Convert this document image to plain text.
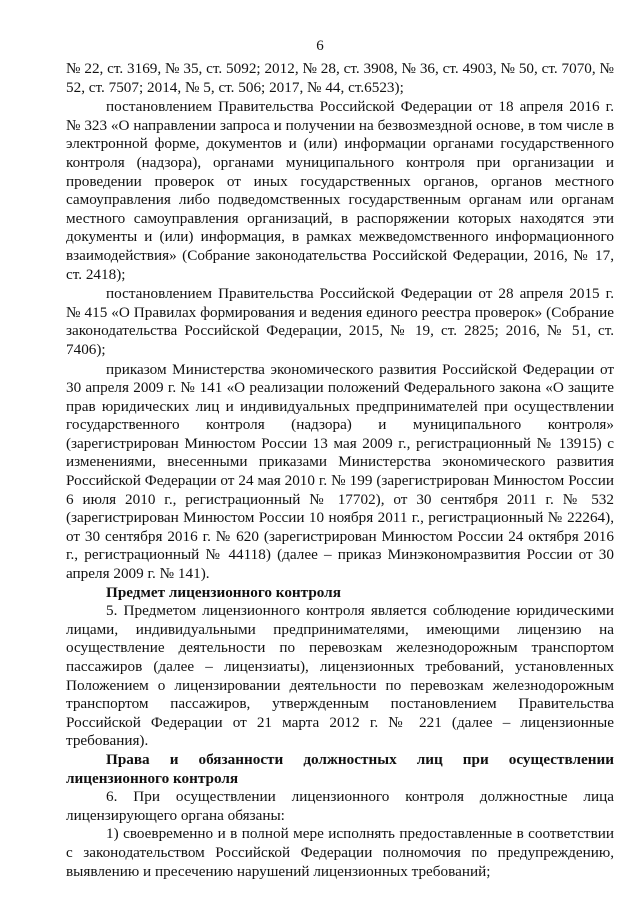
6

№ 22, ст. 3169, № 35, ст. 5092; 2012, № 28, ст. 3908, № 36, ст. 4903, № 50, ст. 7070, № 52, ст. 7507; 2014, № 5, ст. 506; 2017, № 44, ст.6523);

постановлением Правительства Российской Федерации от 18 апреля 2016 г. № 323 «О направлении запроса и получении на безвозмездной основе, в том числе в электронной форме, документов и (или) информации органами государственного контроля (надзора), органами муниципального контроля при организации и проведении проверок от иных государственных органов, органов местного самоуправления либо подведомственных государственным органам или органам местного самоуправления организаций, в распоряжении которых находятся эти документы и (или) информация, в рамках межведомственного информационного взаимодействия» (Собрание законодательства Российской Федерации, 2016, № 17, ст. 2418);

постановлением Правительства Российской Федерации от 28 апреля 2015 г. № 415 «О Правилах формирования и ведения единого реестра проверок» (Собрание законодательства Российской Федерации, 2015, № 19, ст. 2825; 2016, № 51, ст. 7406);

приказом Министерства экономического развития Российской Федерации от 30 апреля 2009 г. № 141 «О реализации положений Федерального закона «О защите прав юридических лиц и индивидуальных предпринимателей при осуществлении государственного контроля (надзора) и муниципального контроля» (зарегистрирован Минюстом России 13 мая 2009 г., регистрационный № 13915) с изменениями, внесенными приказами Министерства экономического развития Российской Федерации от 24 мая 2010 г. № 199 (зарегистрирован Минюстом России 6 июля 2010 г., регистрационный № 17702), от 30 сентября 2011 г. № 532 (зарегистрирован Минюстом России 10 ноября 2011 г., регистрационный № 22264), от 30 сентября 2016 г. № 620 (зарегистрирован Минюстом России 24 октября 2016 г., регистрационный № 44118) (далее – приказ Минэкономразвития России от 30 апреля 2009 г. № 141).

Предмет лицензионного контроля

5. Предметом лицензионного контроля является соблюдение юридическими лицами, индивидуальными предпринимателями, имеющими лицензию на осуществление деятельности по перевозкам железнодорожным транспортом пассажиров (далее – лицензиаты), лицензионных требований, установленных Положением о лицензировании деятельности по перевозкам железнодорожным транспортом пассажиров, утвержденным постановлением Правительства Российской Федерации от 21 марта 2012 г. № 221 (далее – лицензионные требования).

Права и обязанности должностных лиц при осуществлении лицензионного контроля

6. При осуществлении лицензионного контроля должностные лица лицензирующего органа обязаны:

1) своевременно и в полной мере исполнять предоставленные в соответствии с законодательством Российской Федерации полномочия по предупреждению, выявлению и пресечению нарушений лицензионных требований;
